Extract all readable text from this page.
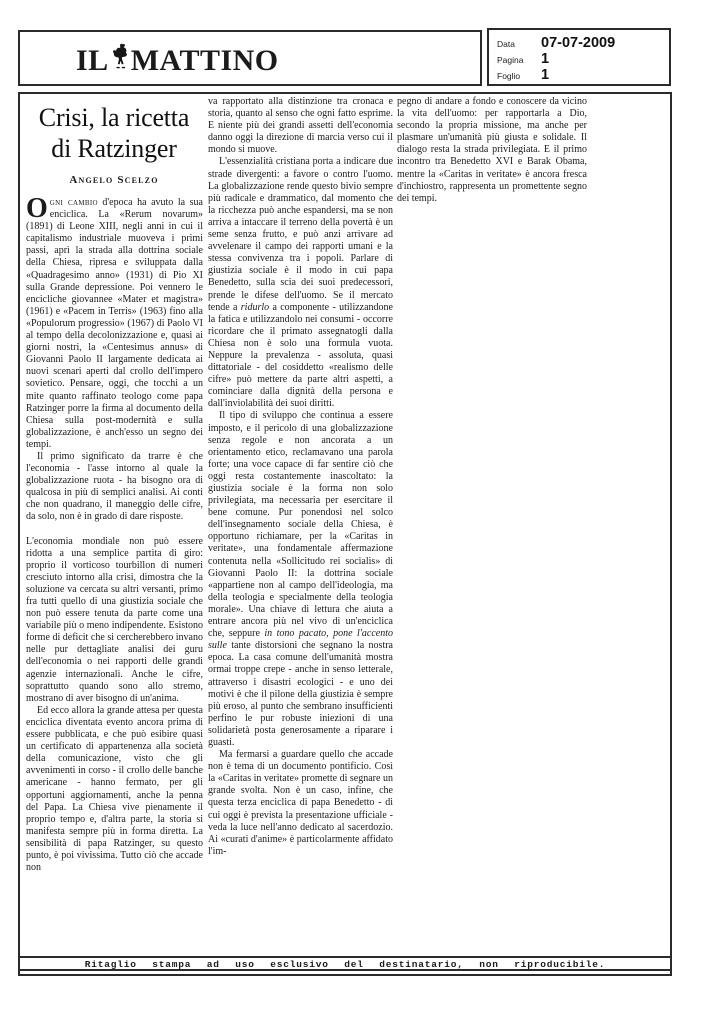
IL MATTINO	Data	07-07-2009
Pagina	1
Foglio	1
Crisi, la ricetta
di Ratzinger
Angelo Scelzo

Ogni cambio d'epoca ha avuto la sua enciclica. La «Rerum novarum» (1891) di Leone XIII, negli anni in cui il capitalismo industriale muoveva i primi passi, aprì la strada alla dottrina sociale della Chiesa, ripresa e sviluppata dalla «Quadragesimo anno» (1931) di Pio XI sulla Grande depressione. Poi vennero le encicliche giovannee «Mater et magistra» (1961) e «Pacem in Terris» (1963) fino alla «Populorum progressio» (1967) di Paolo VI al tempo della decolonizzazione e, quasi ai giorni nostri, la «Centesimus annus» di Giovanni Paolo II largamente dedicata ai nuovi scenari aperti dal crollo dell'impero sovietico. Pensare, oggi, che tocchi a un mite quanto raffinato teologo come papa Ratzinger porre la firma al documento della Chiesa sulla post-modernità e sulla globalizzazione, è anch'esso un segno dei tempi.

Il primo significato da trarre è che l'economia - l'asse intorno al quale la globalizzazione ruota - ha bisogno ora di qualcosa in più di semplici analisi. Ai conti che non quadrano, il maneggio delle cifre, da solo, non è in grado di dare risposte.

L'economia mondiale non può essere ridotta a una semplice partita di giro: proprio il vorticoso tourbillon di numeri cresciuto intorno alla crisi, dimostra che la soluzione va cercata su altri versanti, primo fra tutti quello di una giustizia sociale che non può essere tenuta da parte come una variabile più o meno indipendente. Esistono forme di deficit che si cercherebbero invano nelle pur dettagliate analisi dei guru dell'economia o nei rapporti delle grandi agenzie internazionali. Anche le cifre, soprattutto quando sono allo stremo, mostrano di aver bisogno di un'anima.

Ed ecco allora la grande attesa per questa enciclica diventata evento ancora prima di essere pubblicata, e che può esibire quasi un certificato di appartenenza alla società della comunicazione, visto che gli avvenimenti in corso - il crollo delle banche americane - hanno fermato, per gli opportuni aggiornamenti, anche la penna del Papa. La Chiesa vive pienamente il proprio tempo e, d'altra parte, la storia si manifesta sempre più in forma diretta. La sensibilità di papa Ratzinger, su questo punto, è poi vivissima. Tutto ciò che accade non

va rapportato alla distinzione tra cronaca e storia, quanto al senso che ogni fatto esprime. E niente più dei grandi assetti dell'economia danno oggi la direzione di marcia verso cui il mondo si muove.

L'essenzialità cristiana porta a indicare due strade divergenti: a favore o contro l'uomo. La globalizzazione rende questo bivio sempre più radicale e drammatico, dal momento che la ricchezza può anche espandersi, ma se non arriva a intaccare il terreno della povertà è un seme senza frutto, e può anzi arrivare ad avvelenare il campo dei rapporti umani e la stessa convivenza tra i popoli. Parlare di giustizia sociale è il modo in cui papa Benedetto, sulla scia dei suoi predecessori, prende le difese dell'uomo. Se il mercato tende a ridurlo a componente - utilizzandone la fatica e utilizzandolo nei consumi - occorre ricordare che il primato assegnatogli dalla Chiesa non è solo una formula vuota. Neppure la prevalenza - assoluta, quasi dittatoriale - del cosiddetto «realismo delle cifre» può mettere da parte altri aspetti, a cominciare dalla dignità della persona e dall'inviolabilità dei suoi diritti.

Il tipo di sviluppo che continua a essere imposto, e il pericolo di una globalizzazione senza regole e non ancorata a un orientamento etico, reclamavano una parola forte; una voce capace di far sentire ciò che oggi resta costantemente inascoltato: la giustizia sociale è la forma non solo privilegiata, ma necessaria per esercitare il bene comune. Pur ponendosi nel solco dell'insegnamento sociale della Chiesa, è opportuno richiamare, per la «Caritas in veritate», una fondamentale affermazione contenuta nella «Sollicitudo rei socialis» di Giovanni Paolo II: la dottrina sociale «appartiene non al campo dell'ideologia, ma della teologia e specialmente della teologia morale». Una chiave di lettura che aiuta a entrare ancora più nel vivo di un'enciclica che, seppure in tono pacato, pone l'accento sulle tante distorsioni che segnano la nostra epoca. La casa comune dell'umanità mostra ormai troppe crepe - anche in senso letterale, attraverso i disastri ecologici - e uno dei motivi è che il pilone della giustizia è sempre più eroso, al punto che sembrano insufficienti perfino le pur robuste iniezioni di una solidarietà posta generosamente a riparare i guasti.

Ma fermarsi a guardare quello che accade non è tema di un documento pontificio. Così la «Caritas in veritate» promette di segnare un grande svolta. Non è un caso, infine, che questa terza enciclica di papa Benedetto - di cui oggi è prevista la presentazione ufficiale - veda la luce nell'anno dedicato al sacerdozio. Ai «curati d'anime» è particolarmente affidato l'im-

pegno di andare a fondo e conoscere da vicino la vita dell'uomo: per rapportarla a Dio, secondo la propria missione, ma anche per plasmare un'umanità più giusta e solidale. Il dialogo resta la strada privilegiata. E il primo incontro tra Benedetto XVI e Barak Obama, mentre la «Caritas in veritate» è ancora fresca d'inchiostro, rappresenta un promettente segno dei tempi.

Ritaglio stampa ad uso esclusivo del destinatario, non riproducibile.
